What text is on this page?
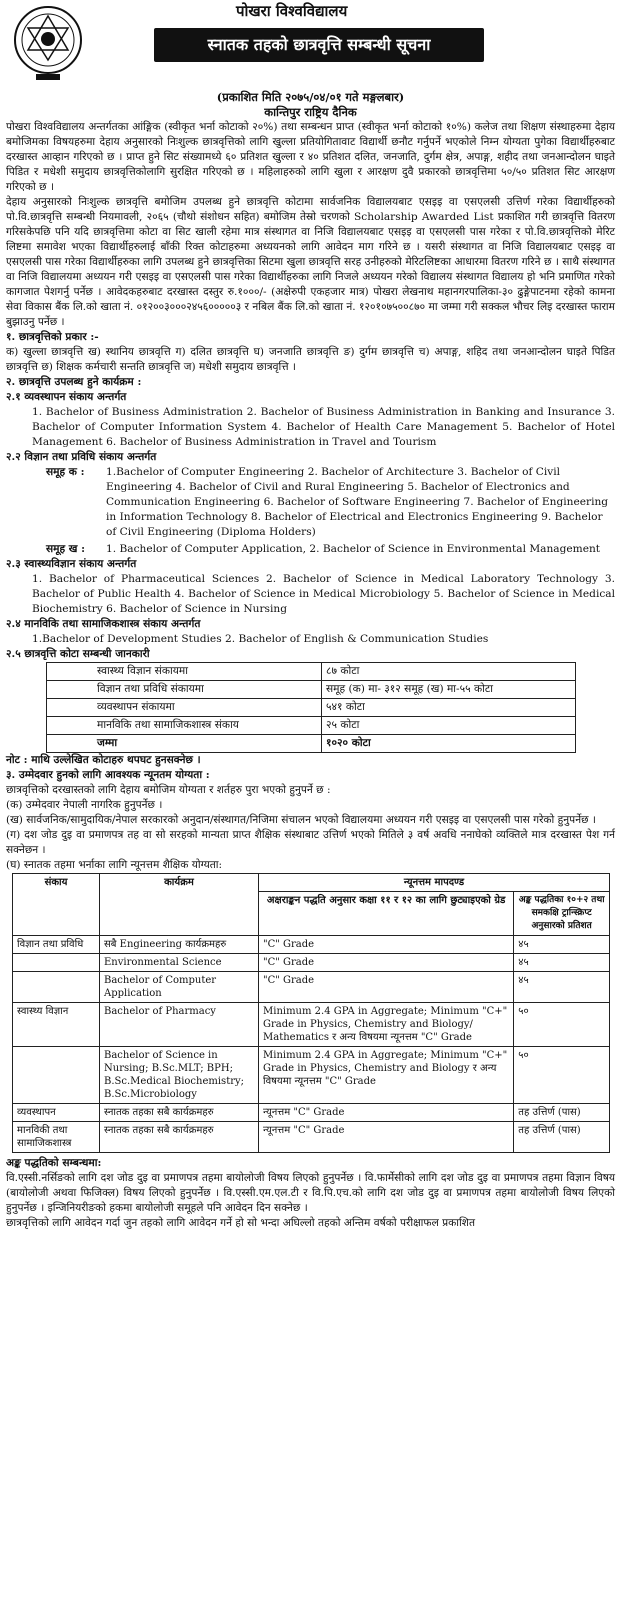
पोखरा विश्वविद्यालय
स्नातक तहको छात्रवृत्ति सम्बन्धी सूचना
(प्रकाशित मिति २०७५/०४/०१ गते मङ्गलबार)
कान्तिपुर राष्ट्रिय दैनिक

पोखरा विश्वविद्यालय अन्तर्गतका आंङ्गिक (स्वीकृत भर्ना कोटाको २०%) तथा सम्बन्धन प्राप्त (स्वीकृत भर्ना कोटाको १०%) कलेज तथा शिक्षण संस्थाहरुमा देहाय बमोजिमका विषयहरुमा देहाय अनुसारको निःशुल्क छात्रवृत्तिको लागि खुल्ला प्रतियोगितावाट विद्यार्थी छनौट गर्नुपर्ने भएकोले निम्न योग्यता पुगेका विद्यार्थीहरुबाट दरखास्त आव्हान गरिएको छ । प्राप्त हुने सिट संख्यामध्ये ६० प्रतिशत खुल्ला र ४० प्रतिशत दलित, जनजाति, दुर्गम क्षेत्र, अपाङ्ग, शहीद तथा जनआन्दोलन घाइते पिडित र मधेशी समुदाय छात्रवृत्तिकोलागि सुरक्षित गरिएको छ । महिलाहरुको लागि खुला र आरक्षण दुवै प्रकारको छात्रवृत्तिमा ५०/५० प्रतिशत सिट आरक्षण गरिएको छ ।

देहाय अनुसारको निःशुल्क छात्रवृत्ति बमोजिम उपलब्ध हुने छात्रवृत्ति कोटामा सार्वजनिक विद्यालयबाट एसइइ वा एसएलसी उत्तिर्ण गरेका विद्यार्थीहरुको पो.वि.छात्रवृत्ति सम्बन्धी नियमावली, २०६५ (चौथो संशोधन सहित) बमोजिम तेस्रो चरणको Scholarship Awarded List प्रकाशित गरी छात्रवृत्ति वितरण गरिसकेपछि पनि यदि छात्रवृत्तिमा कोटा वा सिट खाली रहेमा मात्र संस्थागत वा निजि विद्यालयबाट एसइइ वा एसएलसी पास गरेका र पो.वि.छात्रवृत्तिको मेरिट लिष्टमा समावेश भएका विद्यार्थीहरुलाई बाँकी रिक्त कोटाहरुमा अध्ययनको लागि आवेदन माग गरिने छ । यसरी संस्थागत वा निजि विद्यालयबाट एसइइ वा एसएलसी पास गरेका विद्यार्थीहरुका लागि उपलब्ध हुने छात्रवृत्तिका सिटमा खुला छात्रवृत्ति सरह उनीहरुको मेरिटलिष्टका आधारमा वितरण गरिने छ । साथै संस्थागत वा निजि विद्यालयमा अध्ययन गरी एसइइ वा एसएलसी पास गरेका विद्यार्थीहरुका लागि निजले अध्ययन गरेको विद्यालय संस्थागत विद्यालय हो भनि प्रमाणित गरेको कागजात पेशगर्नु पर्नेछ । आवेदकहरुबाट दरखास्त दस्तुर रु.१०००/- (अक्षेरुपी एकहजार मात्र) पोखरा लेखनाथ महानगरपालिका-३० ढुङ्गेपाटनमा रहेको कामना सेवा विकास बैंक लि.को खाता नं. ०१२००३०००२४५६०००००३ र नबिल बैंक लि.को खाता नं. १२०१०७५००८७० मा जम्मा गरी सक्कल भौचर लिइ दरखास्त फाराम बुझाउनु पर्नेछ ।

१. छात्रवृत्तिको प्रकार :-

क) खुल्ला छात्रवृत्ति ख) स्थानिय छात्रवृत्ति ग) दलित छात्रवृत्ति घ) जनजाति छात्रवृत्ति ङ) दुर्गम छात्रवृत्ति च) अपाङ्ग, शहिद तथा जनआन्दोलन घाइते पिडित छात्रवृत्ति छ) शिक्षक कर्मचारी सन्तति छात्रवृत्ति ज) मधेशी समुदाय छात्रवृत्ति ।

२. छात्रवृत्ति उपलब्ध हुने कार्यक्रम :

२.१ व्यवस्थापन संकाय अन्तर्गत

1. Bachelor of Business Administration 2. Bachelor of Business Administration in Banking and Insurance 3. Bachelor of Computer Information System 4. Bachelor of Health Care Management 5. Bachelor of Hotel Management 6. Bachelor of Business Administration in Travel and Tourism

२.२ विज्ञान तथा प्रविधि संकाय अन्तर्गत

समूह क :	1.Bachelor of Computer Engineering 2. Bachelor of Architecture 3. Bachelor of Civil Engineering 4. Bachelor of Civil and Rural Engineering 5. Bachelor of Electronics and Communication Engineering 6. Bachelor of Software Engineering 7. Bachelor of Engineering in Information Technology 8. Bachelor of Electrical and Electronics Engineering 9. Bachelor of Civil Engineering (Diploma Holders)
समूह ख :	1. Bachelor of Computer Application, 2. Bachelor of Science in Environmental Management

२.३ स्वास्थ्यविज्ञान संकाय अन्तर्गत

1. Bachelor of Pharmaceutical Sciences 2. Bachelor of Science in Medical Laboratory Technology 3. Bachelor of Public Health 4. Bachelor of Science in Medical Microbiology 5. Bachelor of Science in Medical Biochemistry 6. Bachelor of Science in Nursing

२.४ मानविकि तथा सामाजिकशास्त्र संकाय अन्तर्गत

1.Bachelor of Development Studies 2. Bachelor of English & Communication Studies

२.५ छात्रवृत्ति कोटा सम्बन्धी जानकारी

स्वास्थ्य विज्ञान संकायमा	८७ कोटा
विज्ञान तथा प्रविधि संकायमा	समूह (क) मा- ३१२ समूह (ख) मा-५५ कोटा
व्यवस्थापन संकायमा	५४१ कोटा
मानविकि तथा सामाजिकशास्त्र संकाय	२५ कोटा
जम्मा	१०२० कोटा

नोट : माथि उल्लेखित कोटाहरु थपघट हुनसक्नेछ ।

३. उम्मेदवार हुनको लागि आवश्यक न्यूनतम योग्यता :

छात्रवृत्तिको दरखास्तको लागि देहाय बमोजिम योग्यता र शर्तहरु पुरा भएको हुनुपर्ने छ :

(क) उम्मेदवार नेपाली नागरिक हुनुपर्नेछ ।

(ख) सार्वजनिक/सामुदायिक/नेपाल सरकारको अनुदान/संस्थागत/निजिमा संचालन भएको विद्यालयमा अध्ययन गरी एसइइ वा एसएलसी पास गरेको हुनुपर्नेछ ।

(ग) दश जोड दुइ वा प्रमाणपत्र तह वा सो सरहको मान्यता प्राप्त शैक्षिक संस्थाबाट उत्तिर्ण भएको मितिले ३ वर्ष अवधि ननाघेको व्यक्तिले मात्र दरखास्त पेश गर्न सक्नेछन ।

(घ) स्नातक तहमा भर्नाका लागि न्यूनत्तम शैक्षिक योग्यता:

संकाय	कार्यक्रम	न्यूनत्तम मापदण्ड	
		अक्षराङ्कन पद्धति अनुसार कक्षा ११ र १२ का लागि छुट्याइएको ग्रेड	अङ्क पद्धतिका १०+२ तथा समकक्षि ट्रान्स्क्रिप्ट अनुसारको प्रतिशत
विज्ञान तथा प्रविधि	सबै Engineering कार्यक्रमहरु	"C" Grade	४५
	Environmental Science	"C" Grade	४५
	Bachelor of Computer Application	"C" Grade	४५
स्वास्थ्य विज्ञान	Bachelor of Pharmacy	Minimum 2.4 GPA in Aggregate; Minimum "C+" Grade in Physics, Chemistry and Biology/ Mathematics र अन्य विषयमा न्यूनत्तम "C" Grade	५०
	Bachelor of Science in Nursing; B.Sc.MLT; BPH; B.Sc.Medical Biochemistry; B.Sc.Microbiology	Minimum 2.4 GPA in Aggregate; Minimum "C+" Grade in Physics, Chemistry and Biology र अन्य विषयमा न्यूनत्तम "C" Grade	५०
व्यवस्थापन	स्नातक तहका सबै कार्यक्रमहरु	न्यूनत्तम "C" Grade	तह उत्तिर्ण (पास)
मानविकी तथा सामाजिकशास्त्र	स्नातक तहका सबै कार्यक्रमहरु	न्यूनत्तम "C" Grade	तह उत्तिर्ण (पास)

अङ्क पद्धतिको सम्बन्धमा:

वि.एस्सी.नर्सिङको लागि दश जोड दुइ वा प्रमाणपत्र तहमा बायोलोजी विषय लिएको हुनुपर्नेछ । वि.फार्मेसीको लागि दश जोड दुइ वा प्रमाणपत्र तहमा विज्ञान विषय (बायोलोजी अथवा फिजिक्ल) विषय लिएको हुनुपर्नेछ । वि.एस्सी.एम.एल.टी र वि.पि.एच.को लागि दश जोड दुइ वा प्रमाणपत्र तहमा बायोलोजी विषय लिएको हुनुपर्नेछ । इन्जिनियरीङको हकमा बायोलोजी समूहले पनि आवेदन दिन सक्नेछ ।

छात्रवृत्तिको लागि आवेदन गर्दा जुन तहको लागि आवेदन गर्ने हो सो भन्दा अघिल्लो तहको अन्तिम वर्षको परीक्षाफल प्रकाशित
